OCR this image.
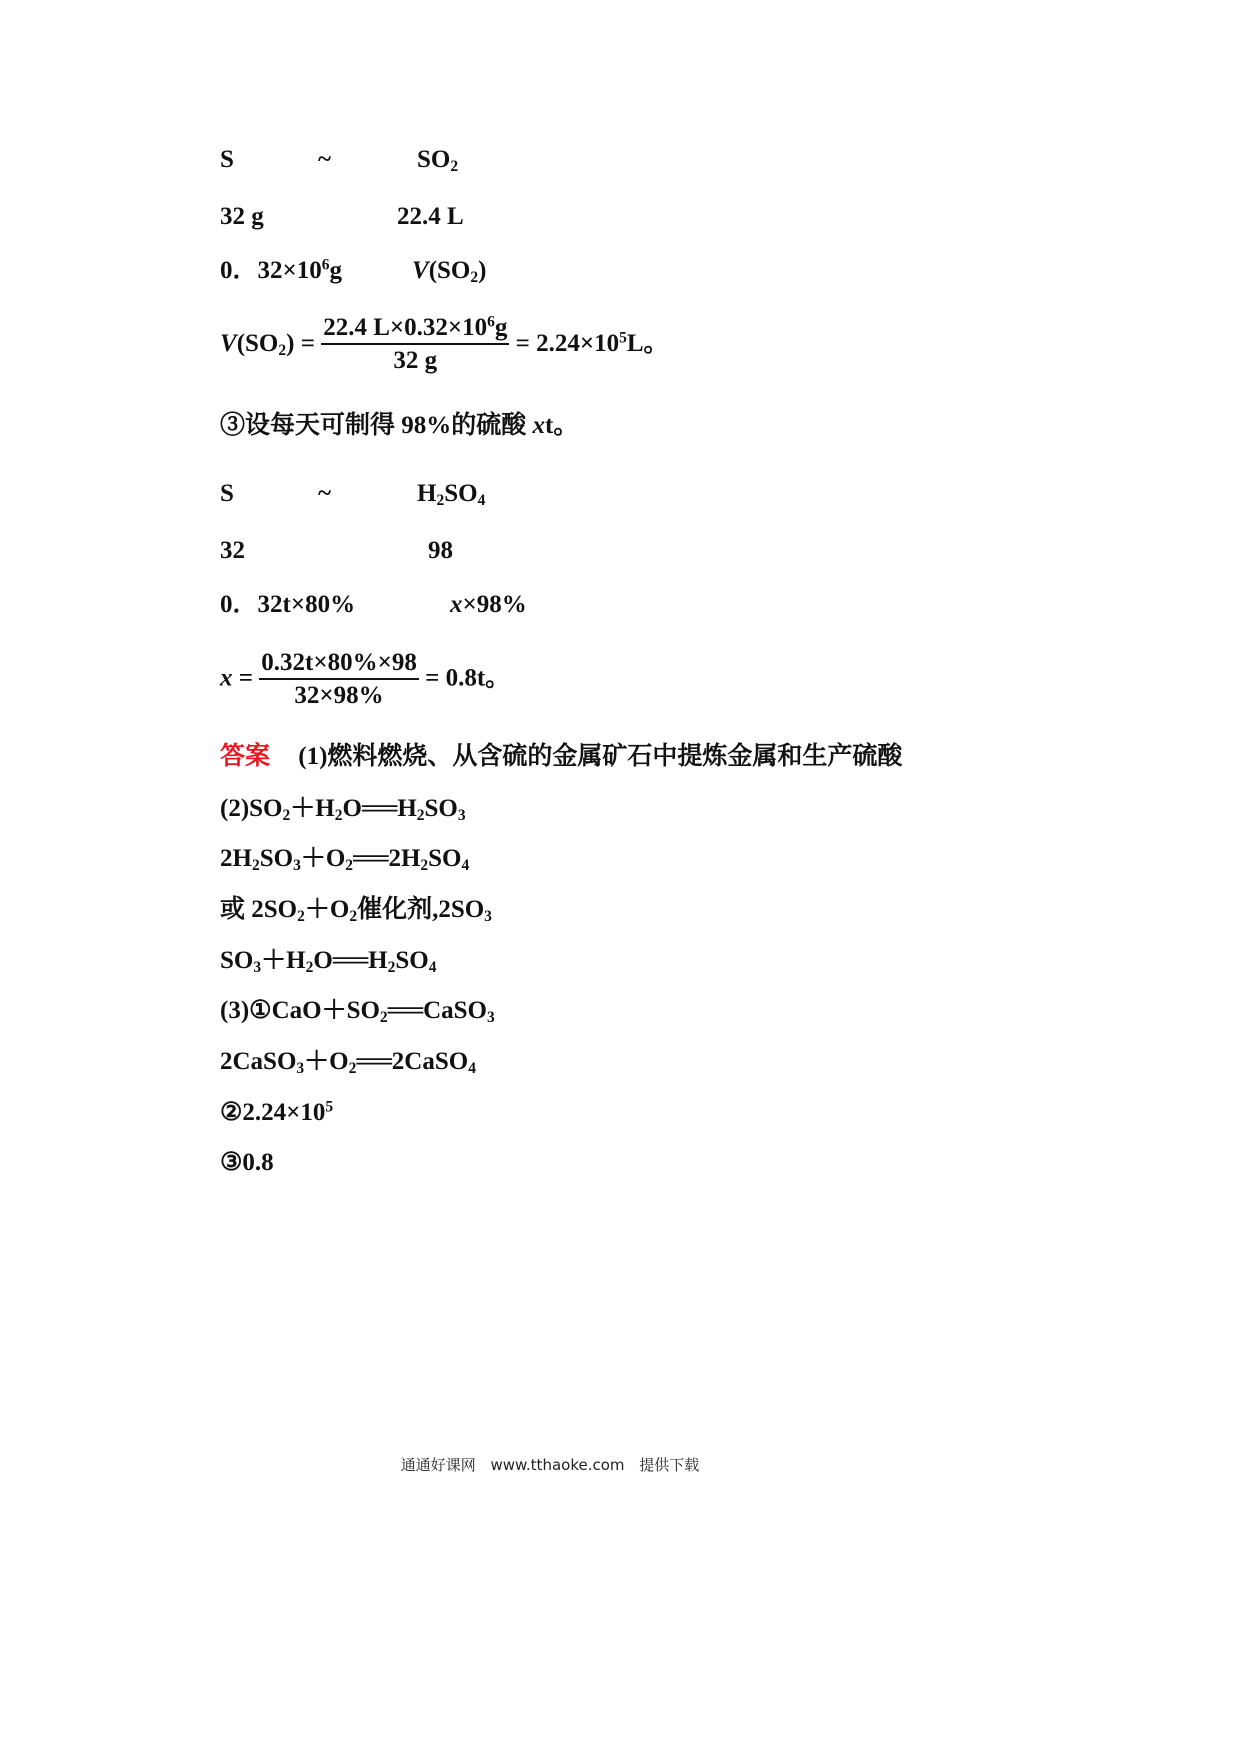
S	~	$SO_2$
32 g	22.4 L
0．$32\times 10^6g$	$V(SO_2)$
$V(SO_2) = \frac{22.4 L\times 0.32\times 10^6g}{32 g} = 2.24\times 10^5L$。
③设每天可制得 98%的硫酸 xt。
S	~	$H_2SO_4$
32	98
0．32t×80%	x×98%
$x = \frac{0.32t\times 80\%\times 98}{32\times 98\%} = 0.8t$。
答案 (1)燃料燃烧、从含硫的金属矿石中提炼金属和生产硫酸
$(2)SO_2+H_2O══H_2SO_3$
$2H_2SO_3+O_2══2H_2SO_4$
或 $2SO_2+O_2$催化剂$,2SO_3$
$SO_3+H_2O══H_2SO_4$
$(3)①CaO+SO_2══CaSO_3$
$2CaSO_3+O_2══2CaSO_4$
$②2.24\times 10^5$
③0.8
通通好课网 www.tthaoke.com 提供下载
